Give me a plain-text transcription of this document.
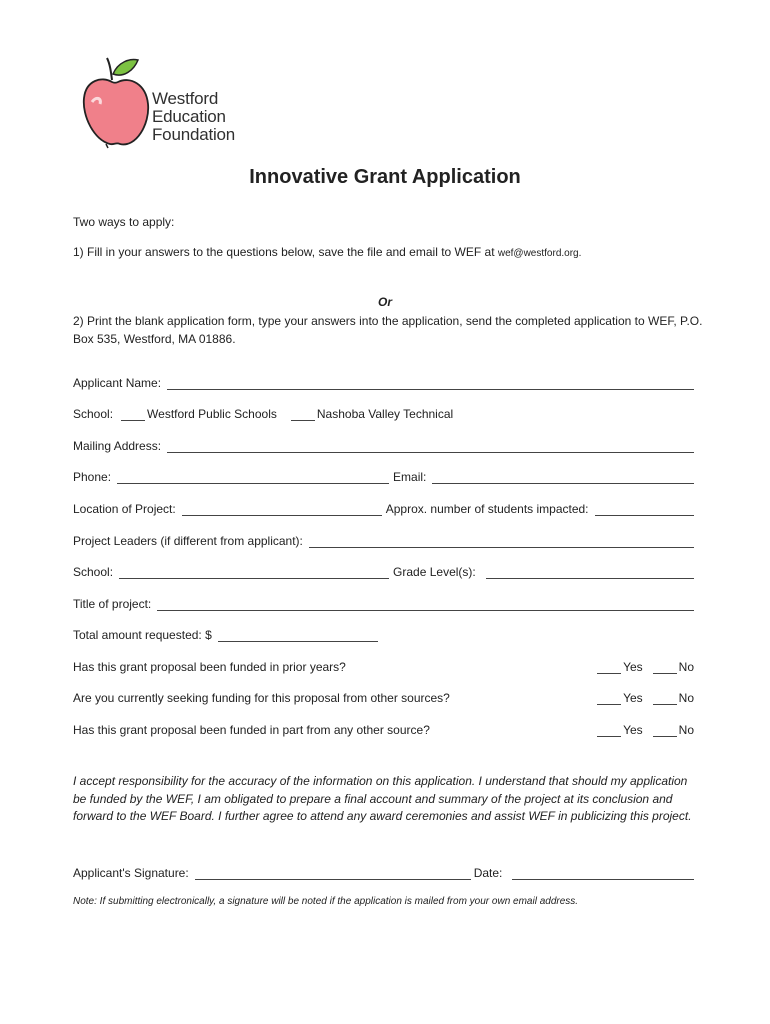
Westford
Education
Foundation
Innovative Grant Application
Two ways to apply:
1) Fill in your answers to the questions below, save the file and email to WEF at wef@westford.org.
Or
2) Print the blank application form, type your answers into the application, send the completed application to WEF, P.O. Box 535, Westford, MA 01886.
Applicant Name:
School:	Westford Public Schools	Nashoba Valley Technical
Mailing Address:
Phone:	Email:
Location of Project:	Approx. number of students impacted:
Project Leaders (if different from applicant):
School:	Grade Level(s):
Title of project:
Total amount requested: $
Has this grant proposal been funded in prior years?	Yes	No
Are you currently seeking funding for this proposal from other sources?	Yes	No
Has this grant proposal been funded in part from any other source?	Yes	No
I accept responsibility for the accuracy of the information on this application. I understand that should my application be funded by the WEF, I am obligated to prepare a final account and summary of the project at its conclusion and forward to the WEF Board. I further agree to attend any award ceremonies and assist WEF in publicizing this project.
Applicant's Signature:	Date:
Note: If submitting electronically, a signature will be noted if the application is mailed from your own email address.
